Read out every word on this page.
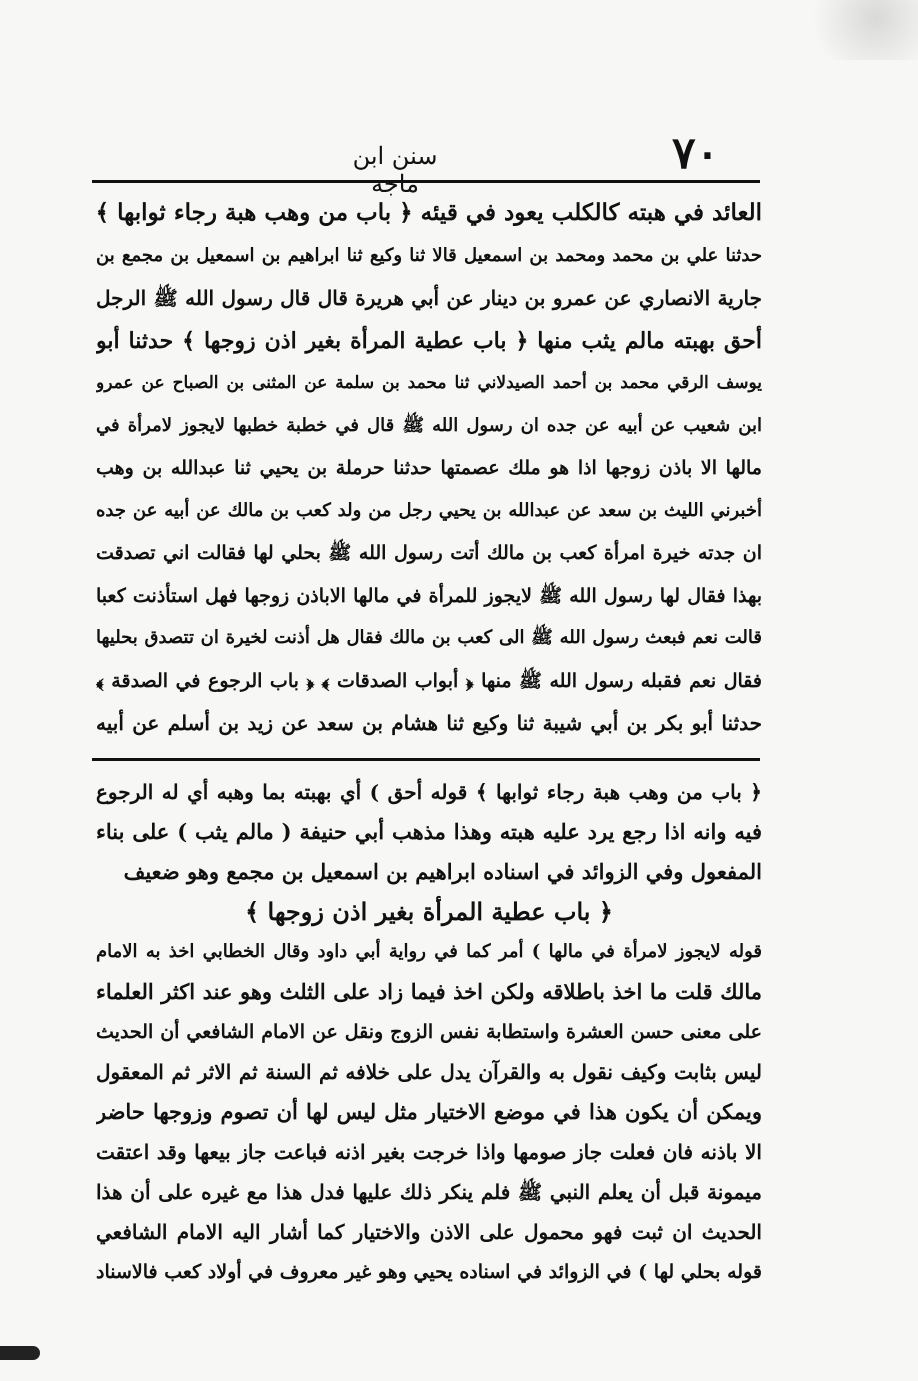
٧٠
سنن ابن ماجه
العائد في هبته كالكلب يعود في قيئه ﴿ باب من وهب هبة رجاء ثوابها ﴾
حدثنا علي بن محمد ومحمد بن اسمعيل قالا ثنا وكيع ثنا ابراهيم بن اسمعيل بن مجمع بن
جارية الانصاري عن عمرو بن دينار عن أبي هريرة قال قال رسول الله ﷺ الرجل
أحق بهبته مالم يثب منها ﴿ باب عطية المرأة بغير اذن زوجها ﴾ حدثنا أبو
يوسف الرقي محمد بن أحمد الصيدلاني ثنا محمد بن سلمة عن المثنى بن الصباح عن عمرو
ابن شعيب عن أبيه عن جده ان رسول الله ﷺ قال في خطبة خطبها لايجوز لامرأة في
مالها الا باذن زوجها اذا هو ملك عصمتها حدثنا حرملة بن يحيي ثنا عبدالله بن وهب
أخبرني الليث بن سعد عن عبدالله بن يحيي رجل من ولد كعب بن مالك عن أبيه عن جده
ان جدته خيرة امرأة كعب بن مالك أتت رسول الله ﷺ بحلي لها فقالت اني تصدقت
بهذا فقال لها رسول الله ﷺ لايجوز للمرأة في مالها الاباذن زوجها فهل استأذنت كعبا
قالت نعم فبعث رسول الله ﷺ الى كعب بن مالك فقال هل أذنت لخيرة ان تتصدق بحليها
فقال نعم فقبله رسول الله ﷺ منها ﴿ أبواب الصدقات ﴾ ﴿ باب الرجوع في الصدقة ﴾
حدثنا أبو بكر بن أبي شيبة ثنا وكيع ثنا هشام بن سعد عن زيد بن أسلم عن أبيه
﴿ باب من وهب هبة رجاء ثوابها ﴾ قوله أحق ) أي بهبته بما وهبه أي له الرجوع
فيه وانه اذا رجع يرد عليه هبته وهذا مذهب أبي حنيفة ( مالم يثب ) على بناء
المفعول وفي الزوائد في اسناده ابراهيم بن اسمعيل بن مجمع وهو ضعيف
﴿ باب عطية المرأة بغير اذن زوجها ﴾
قوله لايجوز لامرأة في مالها ) أمر كما في رواية أبي داود وقال الخطابي اخذ به الامام
مالك قلت ما اخذ باطلاقه ولكن اخذ فيما زاد على الثلث وهو عند اكثر العلماء
على معنى حسن العشرة واستطابة نفس الزوج ونقل عن الامام الشافعي أن الحديث
ليس بثابت وكيف نقول به والقرآن يدل على خلافه ثم السنة ثم الاثر ثم المعقول
ويمكن أن يكون هذا في موضع الاختيار مثل ليس لها أن تصوم وزوجها حاضر
الا باذنه فان فعلت جاز صومها واذا خرجت بغير اذنه فباعت جاز بيعها وقد اعتقت
ميمونة قبل أن يعلم النبي ﷺ فلم ينكر ذلك عليها فدل هذا مع غيره على أن هذا
الحديث ان ثبت فهو محمول على الاذن والاختيار كما أشار اليه الامام الشافعي
قوله بحلي لها ) في الزوائد في اسناده يحيي وهو غير معروف في أولاد كعب فالاسناد
